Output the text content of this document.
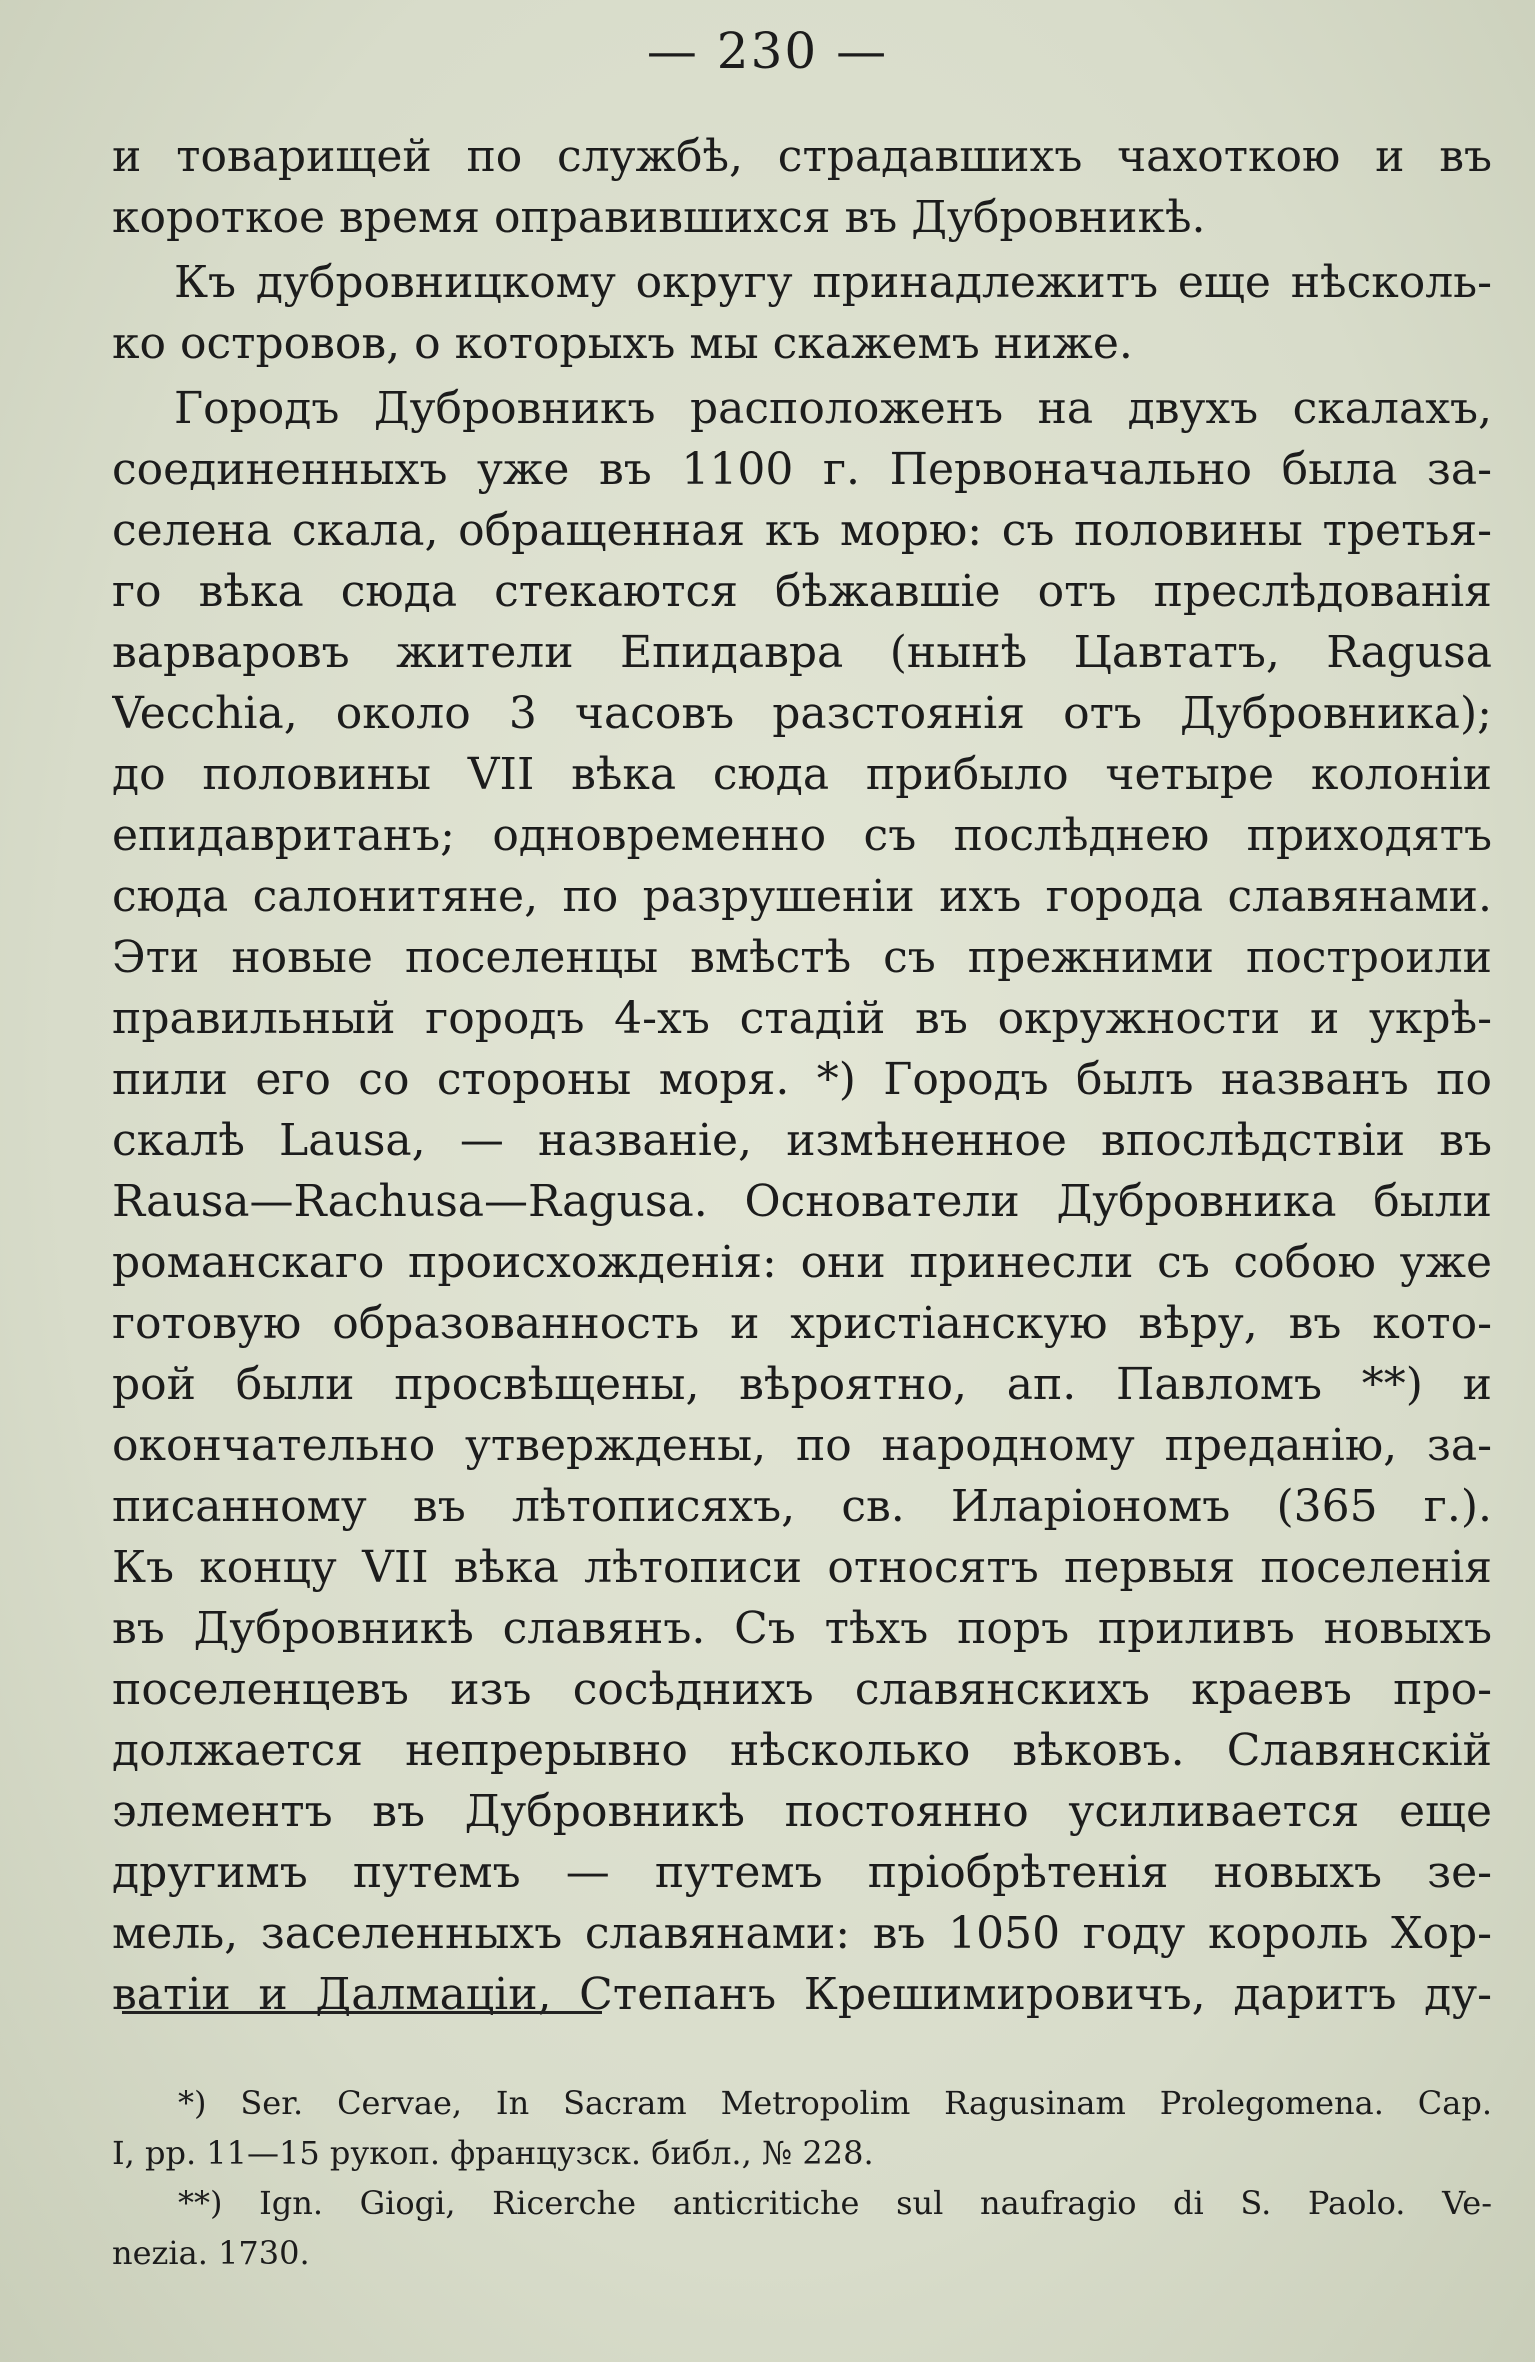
— 230 —
и товарищей по службѣ, страдавшихъ чахоткою и въ
короткое время оправившихся въ Дубровникѣ.
Къ дубровницкому округу принадлежитъ еще нѣсколь-
ко островов, о которыхъ мы скажемъ ниже.
Городъ Дубровникъ расположенъ на двухъ скалахъ,
соединенныхъ уже въ 1100 г. Первоначально была за-
селена скала, обращенная къ морю: съ половины третья-
го вѣка сюда стекаются бѣжавшіе отъ преслѣдованія
варваровъ жители Епидавра (нынѣ Цавтатъ, Ragusa
Vecchia, около 3 часовъ разстоянія отъ Дубровника);
до половины VII вѣка сюда прибыло четыре колоніи
епидавританъ; одновременно съ послѣднею приходятъ
сюда салонитяне, по разрушеніи ихъ города славянами.
Эти новые поселенцы вмѣстѣ съ прежними построили
правильный городъ 4-хъ стадій въ окружности и укрѣ-
пили его со стороны моря. *) Городъ былъ названъ по
скалѣ Lausa, — названіе, измѣненное впослѣдствіи въ
Rausa—Rachusa—Ragusa. Основатели Дубровника были
романскаго происхожденія: они принесли съ собою уже
готовую образованность и христіанскую вѣру, въ кото-
рой были просвѣщены, вѣроятно, ап. Павломъ **) и
окончательно утверждены, по народному преданію, за-
писанному въ лѣтописяхъ, св. Иларіономъ (365 г.).
Къ концу VII вѣка лѣтописи относятъ первыя поселенія
въ Дубровникѣ славянъ. Съ тѣхъ поръ приливъ новыхъ
поселенцевъ изъ сосѣднихъ славянскихъ краевъ про-
должается непрерывно нѣсколько вѣковъ. Славянскій
элементъ въ Дубровникѣ постоянно усиливается еще
другимъ путемъ — путемъ пріобрѣтенія новыхъ зе-
мель, заселенныхъ славянами: въ 1050 году король Хор-
ватіи и Далмаціи, Степанъ Крешимировичъ, даритъ ду-
*) Ser. Cervae, In Sacram Metropolim Ragusinam Prolegomena. Cap.
I, pp. 11—15 рукоп. французск. библ., № 228.
**) Ign. Giogi, Ricerche anticritiche sul naufragio di S. Paolo. Ve-
nezia. 1730.
